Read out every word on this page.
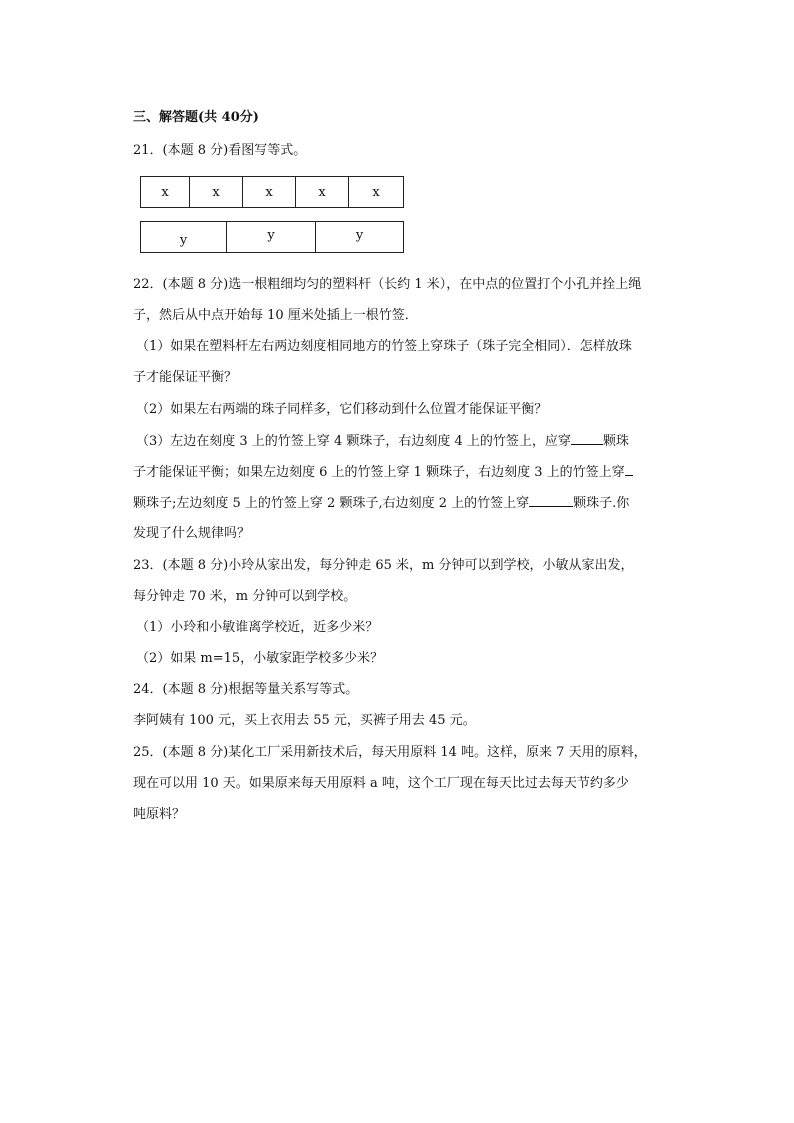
三、解答题(共 40分)
21．(本题 8 分)看图写等式。
x	x	x	x	x
y	y	y
22．(本题 8 分)选一根粗细均匀的塑料杆（长约 1 米），在中点的位置打个小孔并拴上绳
子，然后从中点开始每 10 厘米处插上一根竹签．
（1）如果在塑料杆左右两边刻度相同地方的竹签上穿珠子（珠子完全相同）．怎样放珠
子才能保证平衡？
（2）如果左右两端的珠子同样多，它们移动到什么位置才能保证平衡？
（3）左边在刻度 3 上的竹签上穿 4 颗珠子，右边刻度 4 上的竹签上，应穿 颗珠
子才能保证平衡；如果左边刻度 6 上的竹签上穿 1 颗珠子，右边刻度 3 上的竹签上穿
颗珠子;左边刻度 5 上的竹签上穿 2 颗珠子,右边刻度 2 上的竹签上穿	颗珠子.你
发现了什么规律吗？
23．(本题 8 分)小玲从家出发，每分钟走 65 米，m 分钟可以到学校，小敏从家出发，
每分钟走 70 米，m 分钟可以到学校。
（1）小玲和小敏谁离学校近，近多少米？
（2）如果 m=15，小敏家距学校多少米？
24．(本题 8 分)根据等量关系写等式。
李阿姨有 100 元，买上衣用去 55 元，买裤子用去 45 元。
25．(本题 8 分)某化工厂采用新技术后，每天用原料 14 吨。这样，原来 7 天用的原料，
现在可以用 10 天。如果原来每天用原料 a 吨，这个工厂现在每天比过去每天节约多少
吨原料？
